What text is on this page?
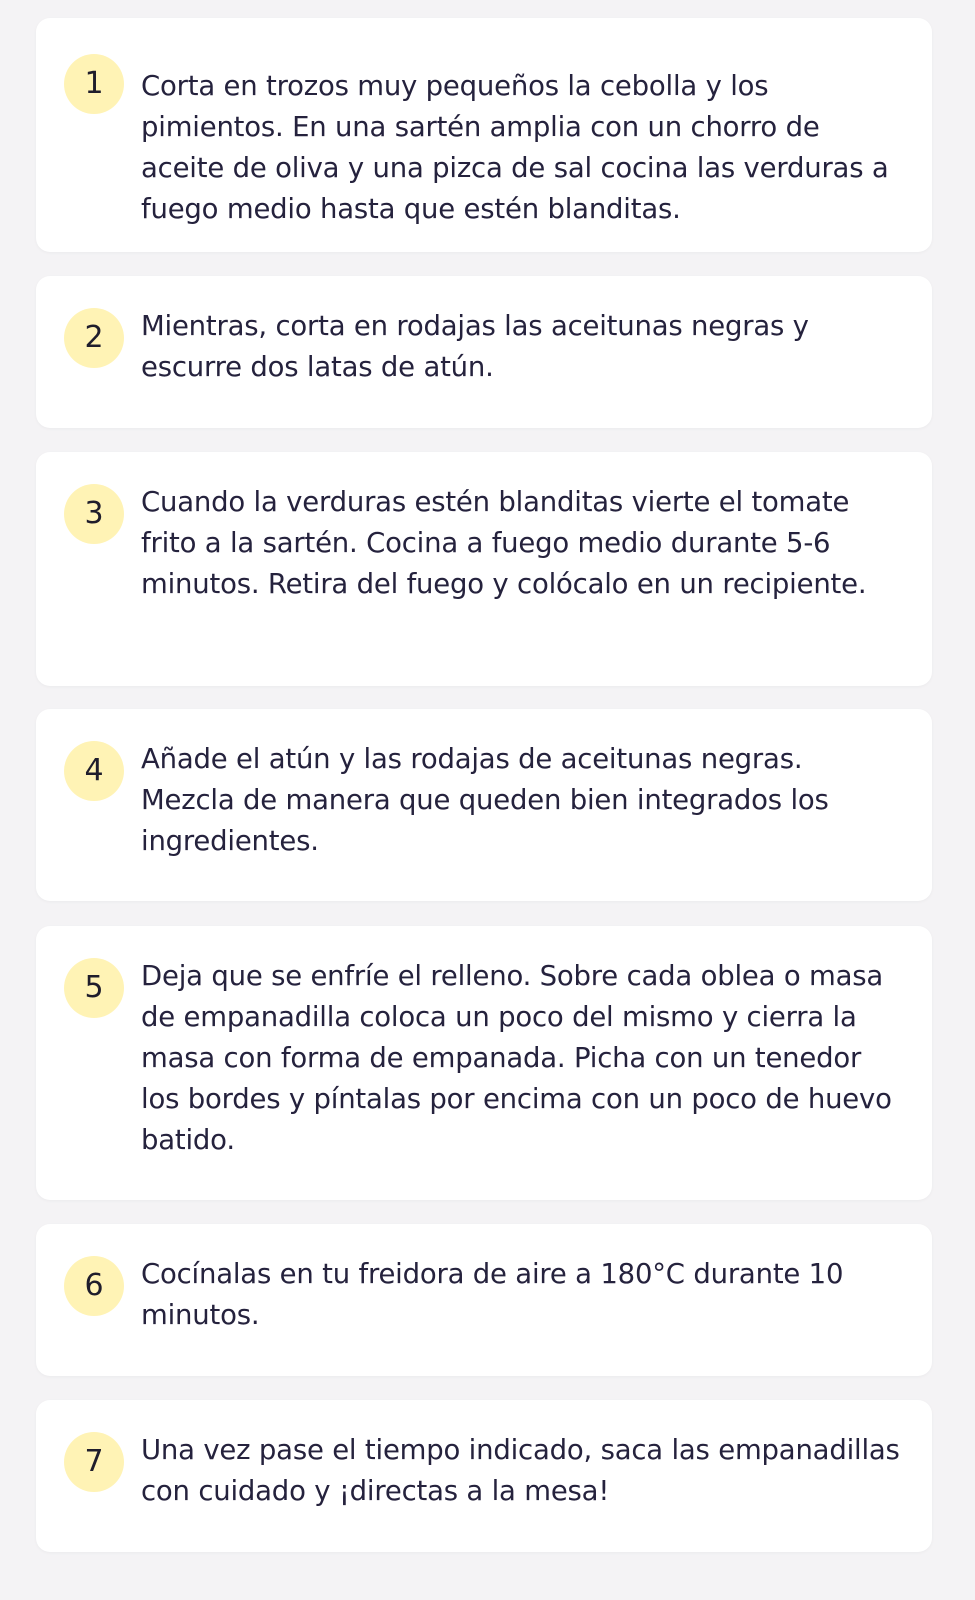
1	Corta en trozos muy pequeños la cebolla y los pimientos. En una sartén amplia con un chorro de aceite de oliva y una pizca de sal cocina las verduras a fuego medio hasta que estén blanditas.
2	Mientras, corta en rodajas las aceitunas negras y escurre dos latas de atún.
3	Cuando la verduras estén blanditas vierte el tomate frito a la sartén. Cocina a fuego medio durante 5-6 minutos. Retira del fuego y colócalo en un recipiente.
4	Añade el atún y las rodajas de aceitunas negras. Mezcla de manera que queden bien integrados los ingredientes.
5	Deja que se enfríe el relleno. Sobre cada oblea o masa de empanadilla coloca un poco del mismo y cierra la masa con forma de empanada. Picha con un tenedor los bordes y píntalas por encima con un poco de huevo batido.
6	Cocínalas en tu freidora de aire a 180°C durante 10 minutos.
7	Una vez pase el tiempo indicado, saca las empanadillas con cuidado y ¡directas a la mesa!
